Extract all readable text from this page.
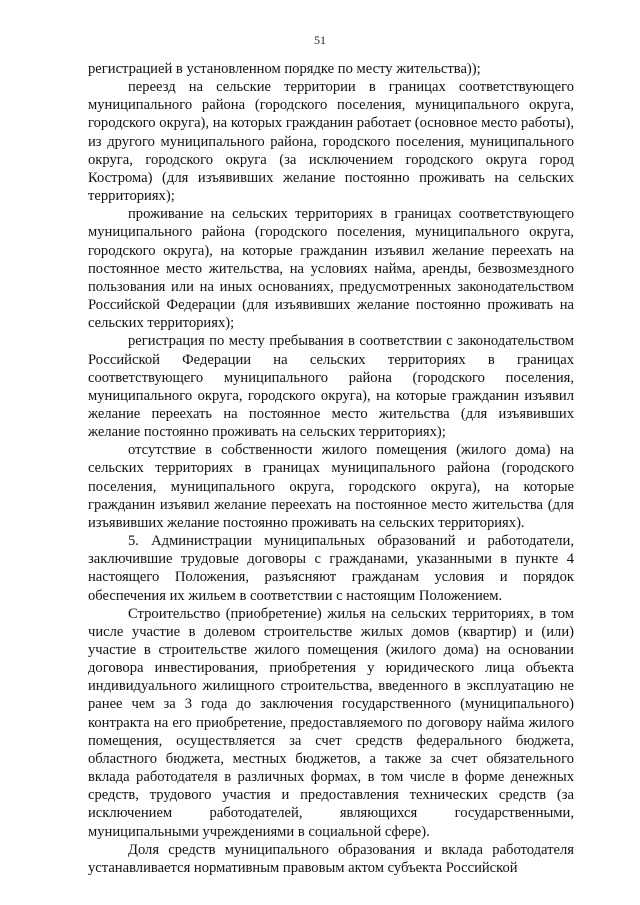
51

регистрацией в установленном порядке по месту жительства));

переезд на сельские территории в границах соответствующего муниципального района (городского поселения, муниципального округа, городского округа), на которых гражданин работает (основное место работы), из другого муниципального района, городского поселения, муниципального округа, городского округа (за исключением городского округа город Кострома) (для изъявивших желание постоянно проживать на сельских территориях);

проживание на сельских территориях в границах соответствующего муниципального района (городского поселения, муниципального округа, городского округа), на которые гражданин изъявил желание переехать на постоянное место жительства, на условиях найма, аренды, безвозмездного пользования или на иных основаниях, предусмотренных законодательством Российской Федерации (для изъявивших желание постоянно проживать на сельских территориях);

регистрация по месту пребывания в соответствии с законодательством Российской Федерации на сельских территориях в границах соответствующего муниципального района (городского поселения, муниципального округа, городского округа), на которые гражданин изъявил желание переехать на постоянное место жительства (для изъявивших желание постоянно проживать на сельских территориях);

отсутствие в собственности жилого помещения (жилого дома) на сельских территориях в границах муниципального района (городского поселения, муниципального округа, городского округа), на которые гражданин изъявил желание переехать на постоянное место жительства (для изъявивших желание постоянно проживать на сельских территориях).

5. Администрации муниципальных образований и работодатели, заключившие трудовые договоры с гражданами, указанными в пункте 4 настоящего Положения, разъясняют гражданам условия и порядок обеспечения их жильем в соответствии с настоящим Положением.

Строительство (приобретение) жилья на сельских территориях, в том числе участие в долевом строительстве жилых домов (квартир) и (или) участие в строительстве жилого помещения (жилого дома) на основании договора инвестирования, приобретения у юридического лица объекта индивидуального жилищного строительства, введенного в эксплуатацию не ранее чем за 3 года до заключения государственного (муниципального) контракта на его приобретение, предоставляемого по договору найма жилого помещения, осуществляется за счет средств федерального бюджета, областного бюджета, местных бюджетов, а также за счет обязательного вклада работодателя в различных формах, в том числе в форме денежных средств, трудового участия и предоставления технических средств (за исключением работодателей, являющихся государственными, муниципальными учреждениями в социальной сфере).

Доля средств муниципального образования и вклада работодателя устанавливается нормативным правовым актом субъекта Российской
